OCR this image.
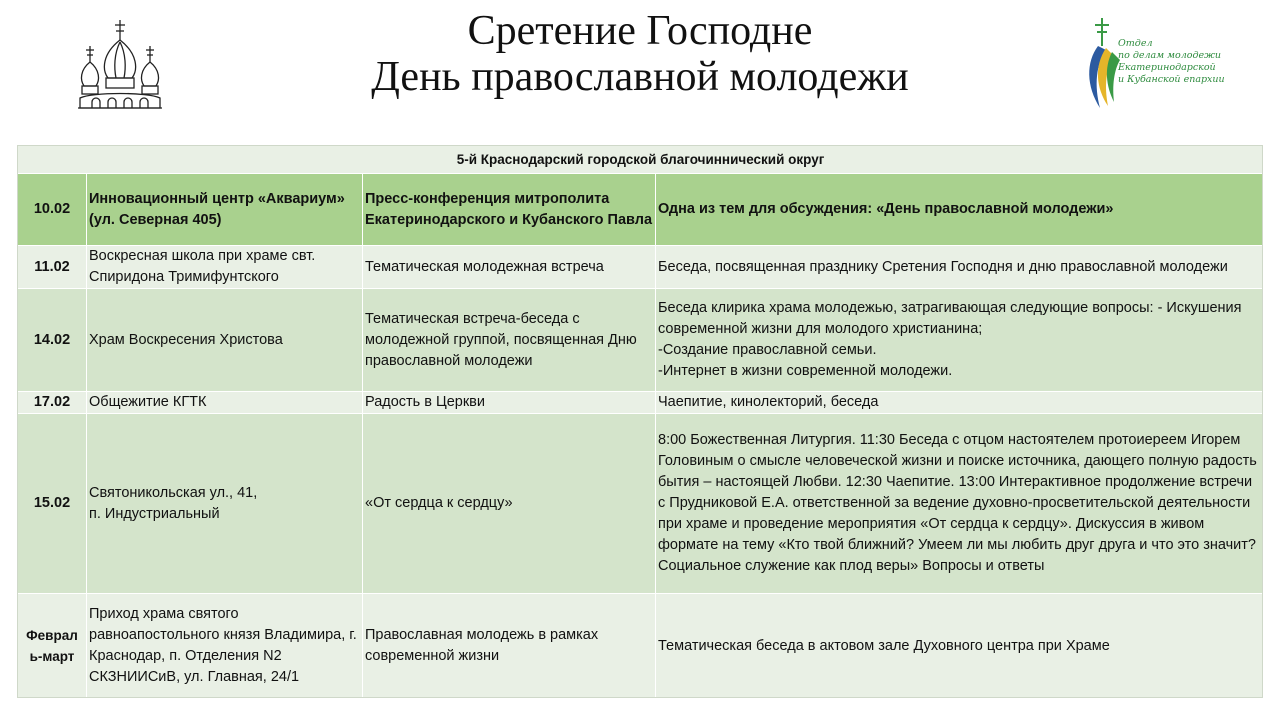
Сретение Господне
День православной молодежи
Отдел
по делам молодежи
Екатеринодарской
и Кубанской епархии
5-й Краснодарский городской благочиннический округ			
10.02	Инновационный центр «Аквариум» (ул. Северная 405)	Пресс-конференция митрополита Екатеринодарского и Кубанского Павла	Одна из тем для обсуждения: «День православной молодежи»
11.02	Воскресная школа при храме свт. Спиридона Тримифунтского	Тематическая молодежная встреча	Беседа, посвященная празднику Сретения Господня и дню православной молодежи
14.02	Храм Воскресения Христова	Тематическая встреча-беседа с молодежной группой, посвященная Дню православной молодежи	Беседа клирика храма молодежью, затрагивающая следующие вопросы: - Искушения современной жизни для молодого христианина;
-Создание православной семьи.
-Интернет в жизни современной молодежи.
17.02	Общежитие КГТК	Радость в Церкви	Чаепитие, кинолекторий, беседа
15.02	Святоникольская ул., 41,
п. Индустриальный	«От сердца к сердцу»	8:00 Божественная Литургия. 11:30 Беседа с отцом настоятелем протоиереем Игорем Головиным о смысле человеческой жизни и поиске источника, дающего полную радость бытия – настоящей Любви. 12:30 Чаепитие. 13:00 Интерактивное продолжение встречи с Прудниковой Е.А. ответственной за ведение духовно-просветительской деятельности при храме и проведение мероприятия «От сердца к сердцу». Дискуссия в живом формате на тему «Кто твой ближний? Умеем ли мы любить друг друга и что это значит? Социальное служение как плод веры» Вопросы и ответы
Феврал ь-март	Приход храма святого равноапостольного князя Владимира, г. Краснодар, п. Отделения N2 СКЗНИИСиВ, ул. Главная, 24/1	Православная молодежь в рамках современной жизни	Тематическая беседа в актовом зале Духовного центра при Храме
